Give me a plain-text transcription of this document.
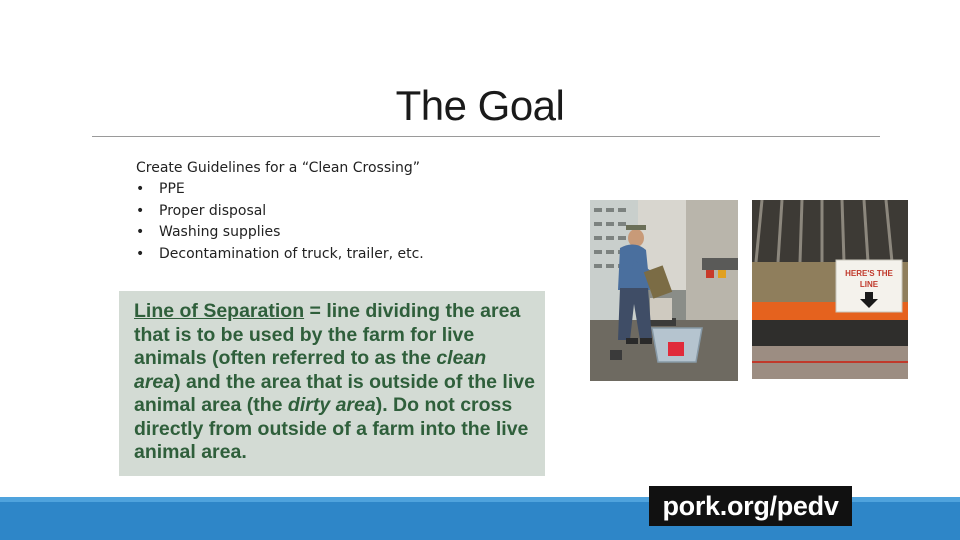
The Goal
Create Guidelines for a “Clean Crossing”
• PPE
• Proper disposal
• Washing supplies
• Decontamination of truck, trailer, etc.
Line of Separation = line dividing the area that is to be used by the farm for live animals (often referred to as the clean area) and the area that is outside of the live animal area (the dirty area). Do not cross directly from outside of a farm into the live animal area.
HERE'S THE
LINE
pork.org/pedv
